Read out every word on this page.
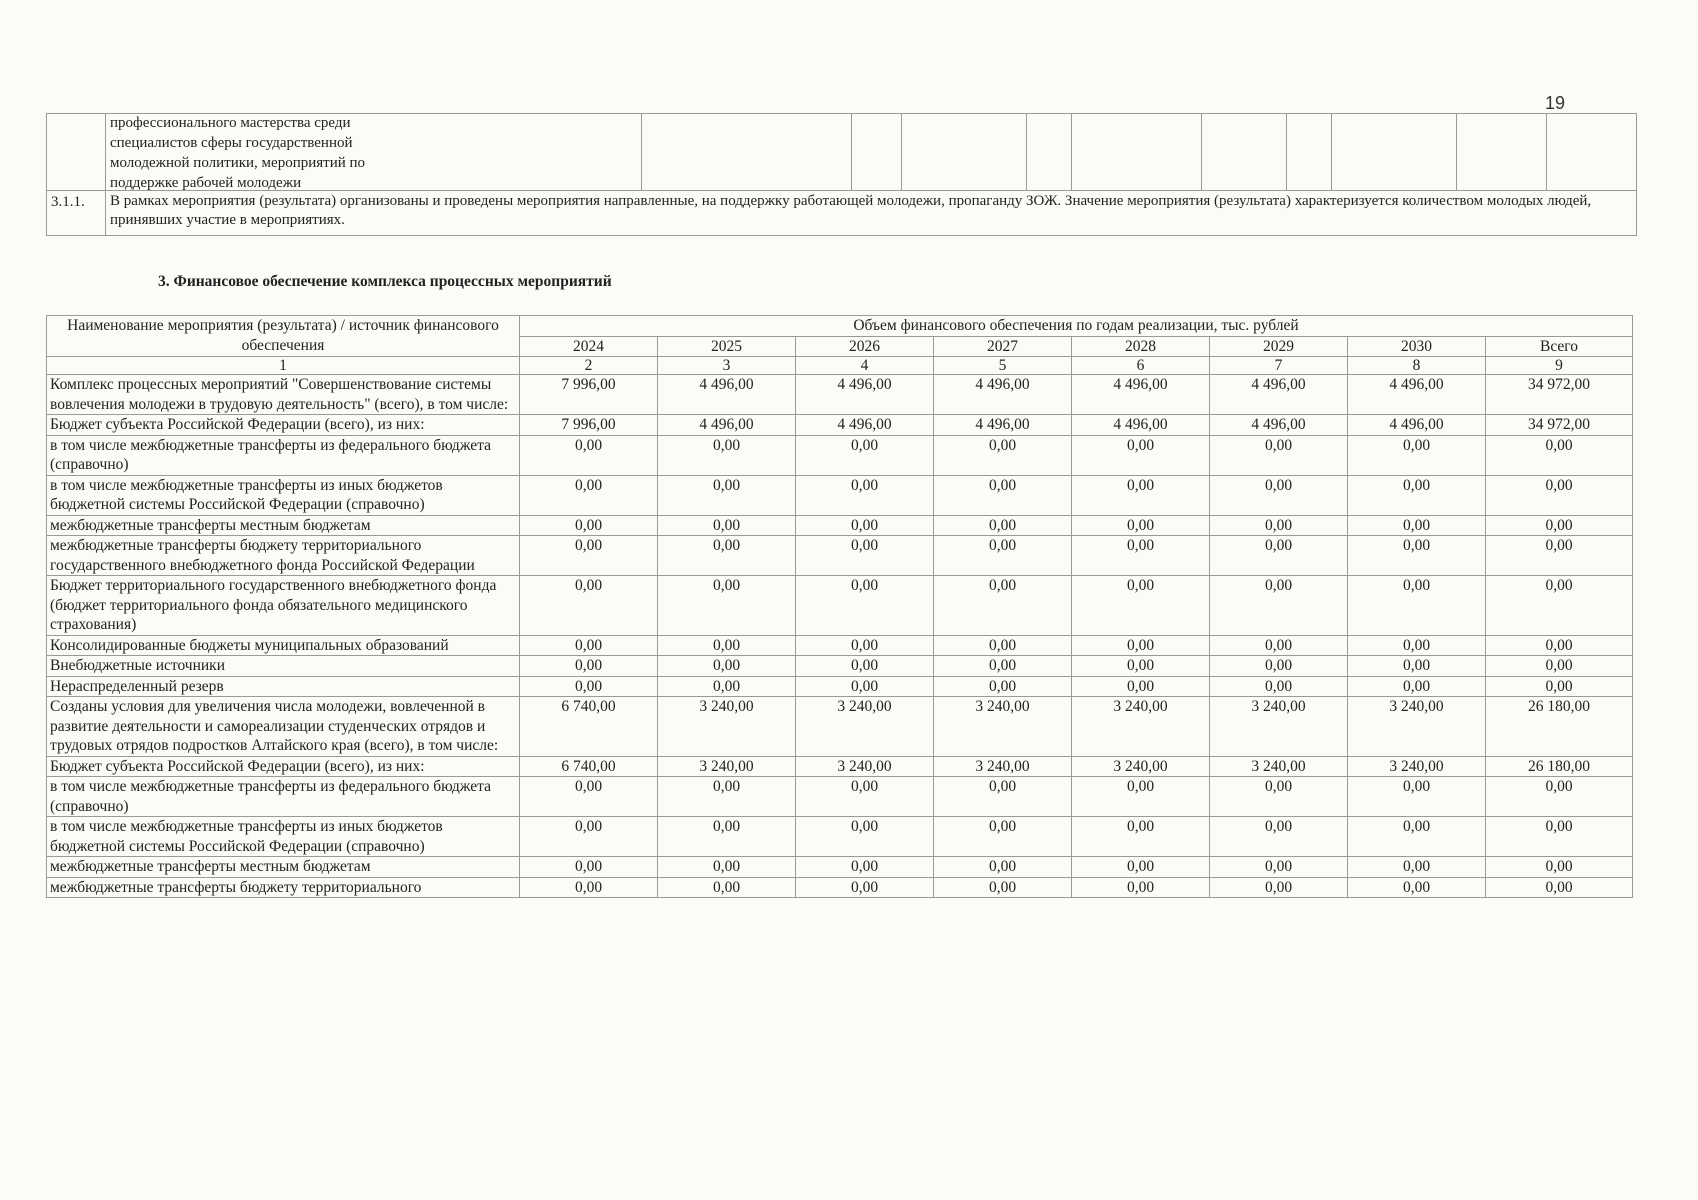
19
профессионального мастерства среди
специалистов сферы государственной
молодежной политики, мероприятий по
поддержке рабочей молодежи
3.1.1. В рамках мероприятия (результата) организованы и проведены мероприятия направленные, на поддержку работающей молодежи, пропаганду ЗОЖ. Значение мероприятия (результата) характеризуется количеством молодых людей, принявших участие в мероприятиях.
3. Финансовое обеспечение комплекса процессных мероприятий
Наименование мероприятия (результата) / источник финансового обеспечения	Объем финансового обеспечения по годам реализации, тыс. рублей							
	2024	2025	2026	2027	2028	2029	2030	Всего
1	2	3	4	5	6	7	8	9
Комплекс процессных мероприятий "Совершенствование системы вовлечения молодежи в трудовую деятельность" (всего), в том числе:	7 996,00	4 496,00	4 496,00	4 496,00	4 496,00	4 496,00	4 496,00	34 972,00
Бюджет субъекта Российской Федерации (всего), из них:	7 996,00	4 496,00	4 496,00	4 496,00	4 496,00	4 496,00	4 496,00	34 972,00
в том числе межбюджетные трансферты из федерального бюджета (справочно)	0,00	0,00	0,00	0,00	0,00	0,00	0,00	0,00
в том числе межбюджетные трансферты из иных бюджетов бюджетной системы Российской Федерации (справочно)	0,00	0,00	0,00	0,00	0,00	0,00	0,00	0,00
межбюджетные трансферты местным бюджетам	0,00	0,00	0,00	0,00	0,00	0,00	0,00	0,00
межбюджетные трансферты бюджету территориального государственного внебюджетного фонда Российской Федерации	0,00	0,00	0,00	0,00	0,00	0,00	0,00	0,00
Бюджет территориального государственного внебюджетного фонда (бюджет территориального фонда обязательного медицинского страхования)	0,00	0,00	0,00	0,00	0,00	0,00	0,00	0,00
Консолидированные бюджеты муниципальных образований	0,00	0,00	0,00	0,00	0,00	0,00	0,00	0,00
Внебюджетные источники	0,00	0,00	0,00	0,00	0,00	0,00	0,00	0,00
Нераспределенный резерв	0,00	0,00	0,00	0,00	0,00	0,00	0,00	0,00
Созданы условия для увеличения числа молодежи, вовлеченной в развитие деятельности и самореализации студенческих отрядов и трудовых отрядов подростков Алтайского края (всего), в том числе:	6 740,00	3 240,00	3 240,00	3 240,00	3 240,00	3 240,00	3 240,00	26 180,00
Бюджет субъекта Российской Федерации (всего), из них:	6 740,00	3 240,00	3 240,00	3 240,00	3 240,00	3 240,00	3 240,00	26 180,00
в том числе межбюджетные трансферты из федерального бюджета (справочно)	0,00	0,00	0,00	0,00	0,00	0,00	0,00	0,00
в том числе межбюджетные трансферты из иных бюджетов бюджетной системы Российской Федерации (справочно)	0,00	0,00	0,00	0,00	0,00	0,00	0,00	0,00
межбюджетные трансферты местным бюджетам	0,00	0,00	0,00	0,00	0,00	0,00	0,00	0,00
межбюджетные трансферты бюджету территориального	0,00	0,00	0,00	0,00	0,00	0,00	0,00	0,00
